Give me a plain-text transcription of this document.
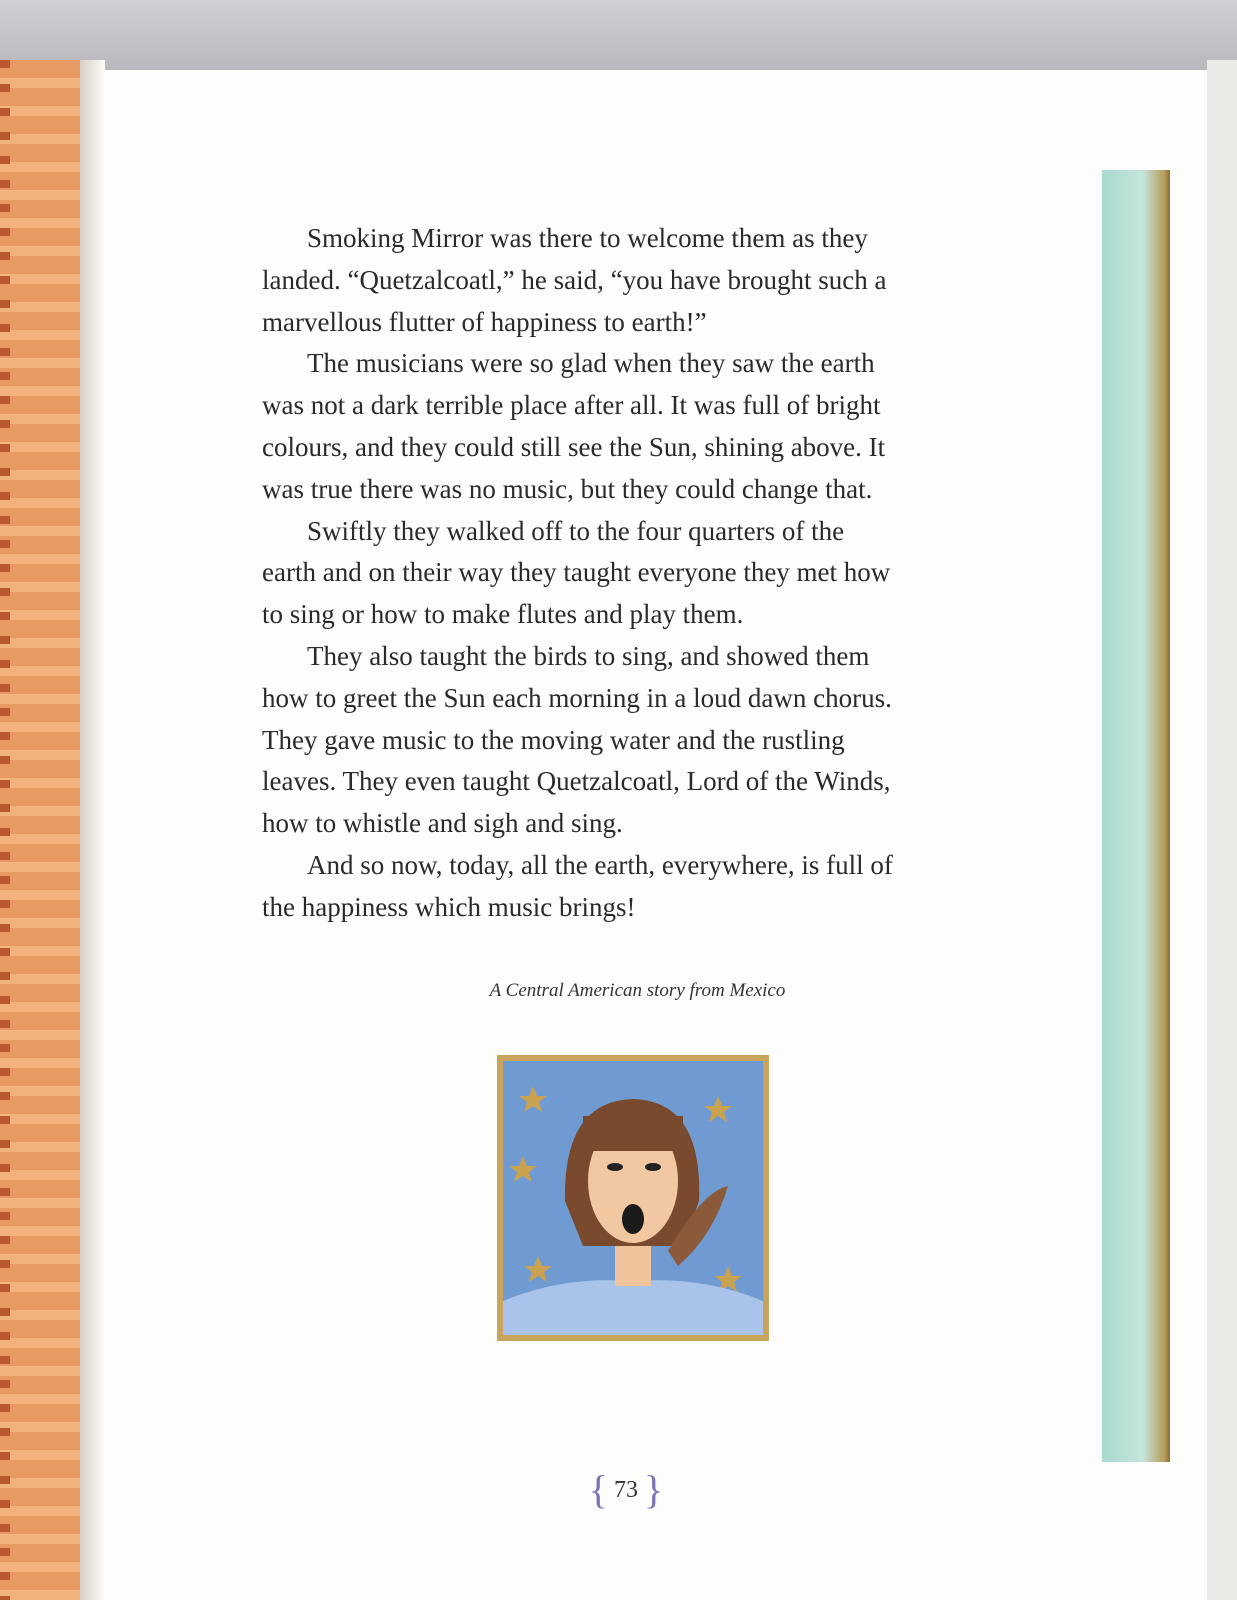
Smoking Mirror was there to welcome them as they
landed. “Quetzalcoatl,” he said, “you have brought such a
marvellous flutter of happiness to earth!”
The musicians were so glad when they saw the earth
was not a dark terrible place after all. It was full of bright
colours, and they could still see the Sun, shining above. It
was true there was no music, but they could change that.
Swiftly they walked off to the four quarters of the
earth and on their way they taught everyone they met how
to sing or how to make flutes and play them.
They also taught the birds to sing, and showed them
how to greet the Sun each morning in a loud dawn chorus.
They gave music to the moving water and the rustling
leaves. They even taught Quetzalcoatl, Lord of the Winds,
how to whistle and sigh and sing.
And so now, today, all the earth, everywhere, is full of
the happiness which music brings!
A Central American story from Mexico
{ 73 }
